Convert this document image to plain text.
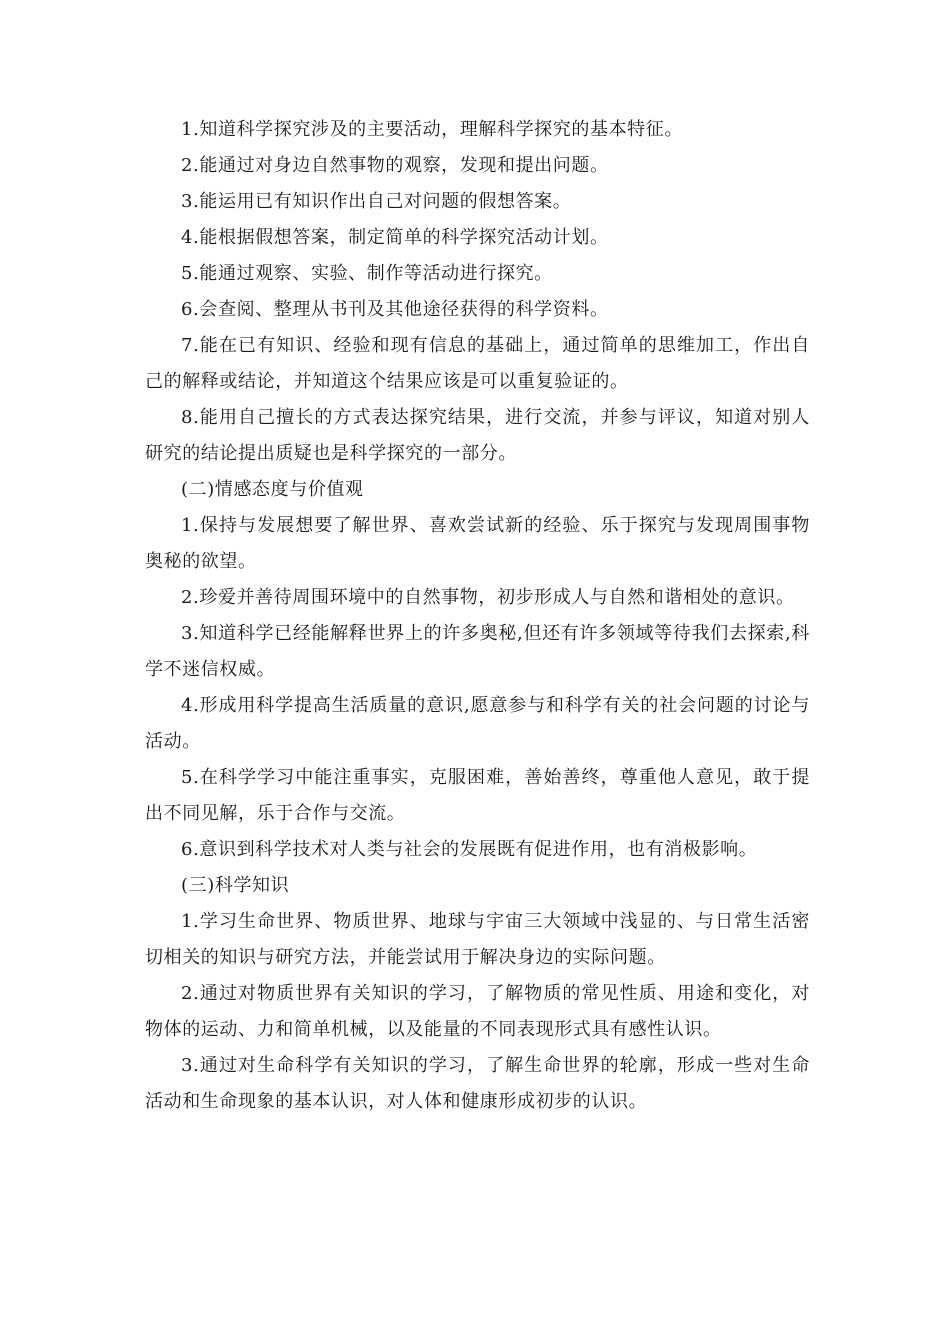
1.知道科学探究涉及的主要活动，理解科学探究的基本特征。

2.能通过对身边自然事物的观察，发现和提出问题。

3.能运用已有知识作出自己对问题的假想答案。

4.能根据假想答案，制定简单的科学探究活动计划。

5.能通过观察、实验、制作等活动进行探究。

6.会查阅、整理从书刊及其他途径获得的科学资料。

7.能在已有知识、经验和现有信息的基础上，通过简单的思维加工，作出自己的解释或结论，并知道这个结果应该是可以重复验证的。

8.能用自己擅长的方式表达探究结果，进行交流，并参与评议，知道对别人研究的结论提出质疑也是科学探究的一部分。

(二)情感态度与价值观

1.保持与发展想要了解世界、喜欢尝试新的经验、乐于探究与发现周围事物奥秘的欲望。

2.珍爱并善待周围环境中的自然事物，初步形成人与自然和谐相处的意识。

3.知道科学已经能解释世界上的许多奥秘,但还有许多领域等待我们去探索,科学不迷信权威。

4.形成用科学提高生活质量的意识,愿意参与和科学有关的社会问题的讨论与活动。

5.在科学学习中能注重事实，克服困难，善始善终，尊重他人意见，敢于提出不同见解，乐于合作与交流。

6.意识到科学技术对人类与社会的发展既有促进作用，也有消极影响。

(三)科学知识

1.学习生命世界、物质世界、地球与宇宙三大领域中浅显的、与日常生活密切相关的知识与研究方法，并能尝试用于解决身边的实际问题。

2.通过对物质世界有关知识的学习，了解物质的常见性质、用途和变化，对物体的运动、力和简单机械，以及能量的不同表现形式具有感性认识。

3.通过对生命科学有关知识的学习，了解生命世界的轮廓，形成一些对生命活动和生命现象的基本认识，对人体和健康形成初步的认识。
